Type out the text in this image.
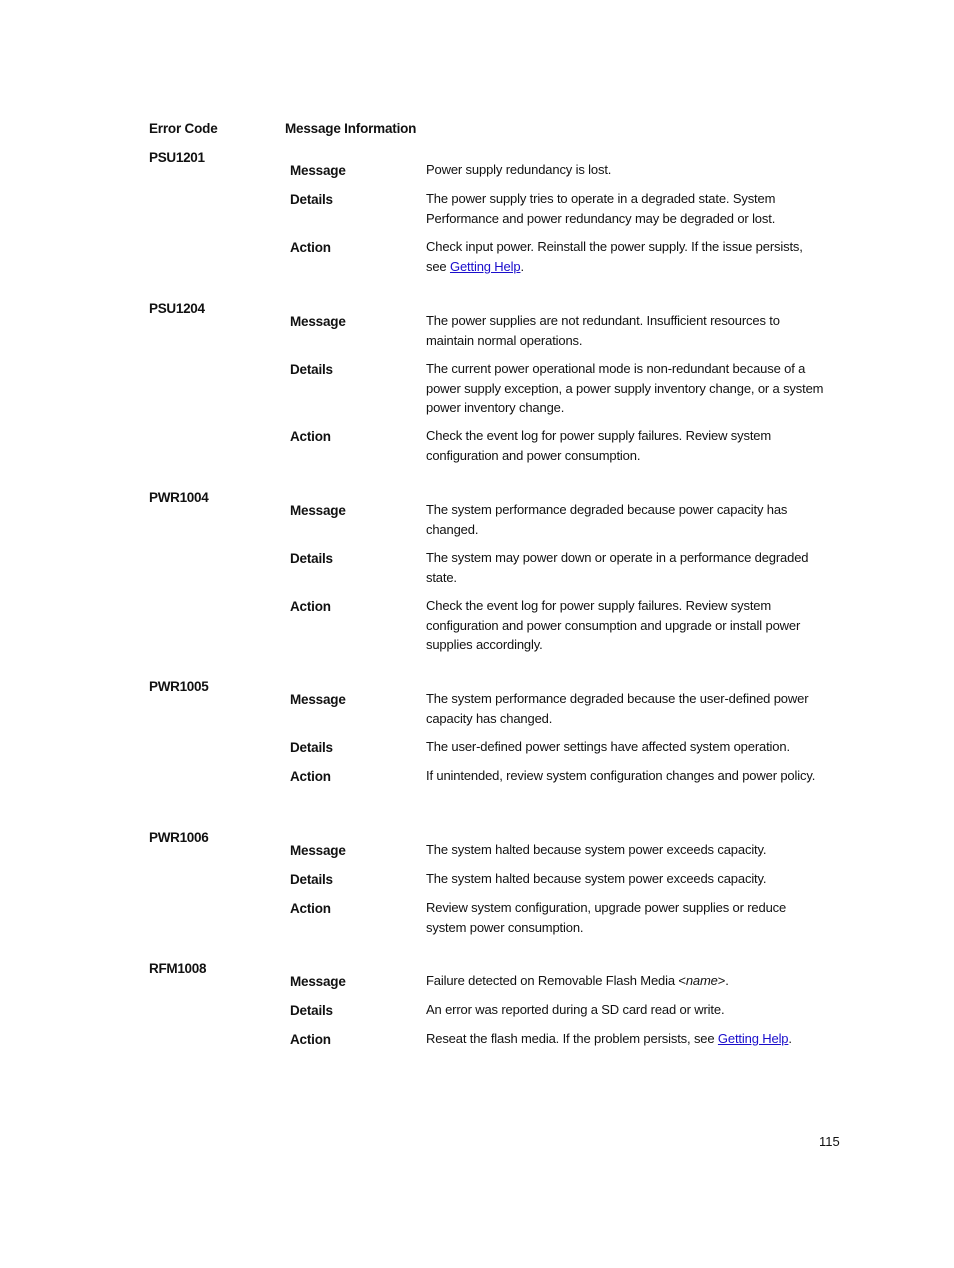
Error Code	Message Information
PSU1201
Message	Power supply redundancy is lost.
Details	The power supply tries to operate in a degraded state. System Performance and power redundancy may be degraded or lost.
Action	Check input power. Reinstall the power supply. If the issue persists, see Getting Help.
PSU1204
Message	The power supplies are not redundant. Insufficient resources to maintain normal operations.
Details	The current power operational mode is non-redundant because of a power supply exception, a power supply inventory change, or a system power inventory change.
Action	Check the event log for power supply failures. Review system configuration and power consumption.
PWR1004
Message	The system performance degraded because power capacity has changed.
Details	The system may power down or operate in a performance degraded state.
Action	Check the event log for power supply failures. Review system configuration and power consumption and upgrade or install power supplies accordingly.
PWR1005
Message	The system performance degraded because the user-defined power capacity has changed.
Details	The user-defined power settings have affected system operation.
Action	If unintended, review system configuration changes and power policy.
PWR1006
Message	The system halted because system power exceeds capacity.
Details	The system halted because system power exceeds capacity.
Action	Review system configuration, upgrade power supplies or reduce system power consumption.
RFM1008
Message	Failure detected on Removable Flash Media <name>.
Details	An error was reported during a SD card read or write.
Action	Reseat the flash media. If the problem persists, see Getting Help.
115
